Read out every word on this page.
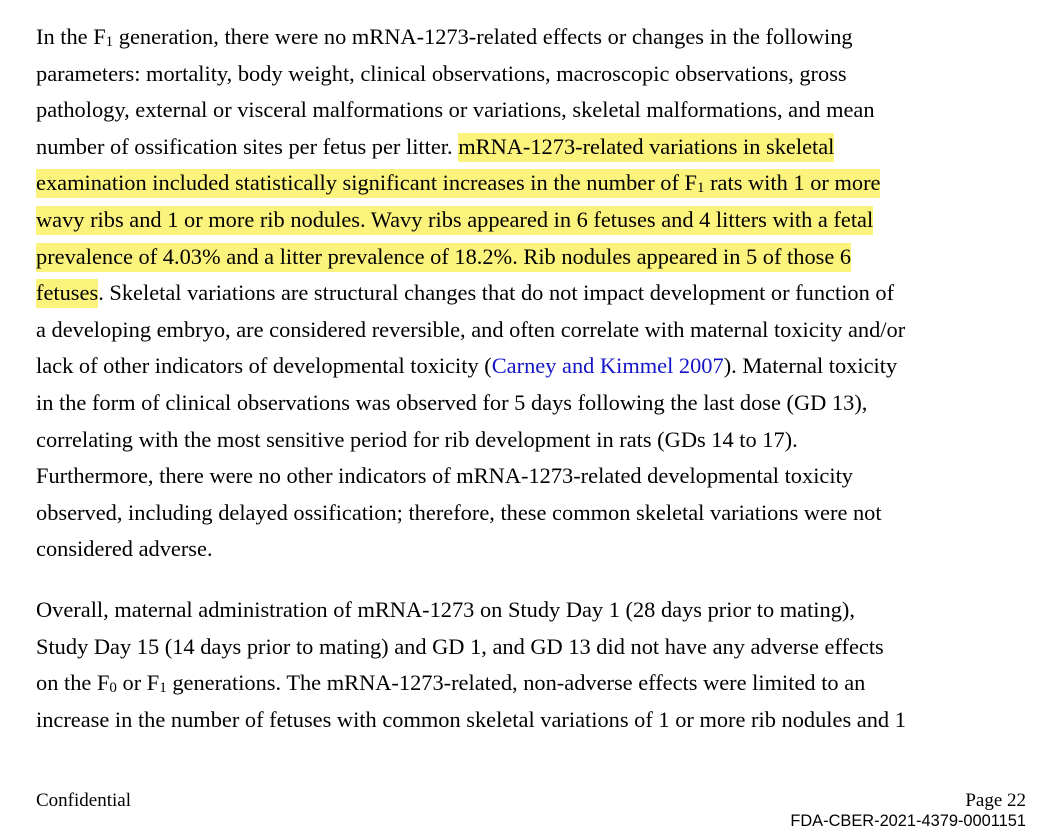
In the $F_1$ generation, there were no mRNA-1273-related effects or changes in the following
parameters: mortality, body weight, clinical observations, macroscopic observations, gross
pathology, external or visceral malformations or variations, skeletal malformations, and mean
number of ossification sites per fetus per litter. mRNA-1273-related variations in skeletal
examination included statistically significant increases in the number of $F_1$ rats with 1 or more
wavy ribs and 1 or more rib nodules. Wavy ribs appeared in 6 fetuses and 4 litters with a fetal
prevalence of 4.03% and a litter prevalence of 18.2%. Rib nodules appeared in 5 of those 6
fetuses. Skeletal variations are structural changes that do not impact development or function of
a developing embryo, are considered reversible, and often correlate with maternal toxicity and/or
lack of other indicators of developmental toxicity (Carney and Kimmel 2007). Maternal toxicity
in the form of clinical observations was observed for 5 days following the last dose (GD 13),
correlating with the most sensitive period for rib development in rats (GDs 14 to 17).
Furthermore, there were no other indicators of mRNA-1273-related developmental toxicity
observed, including delayed ossification; therefore, these common skeletal variations were not
considered adverse.
Overall, maternal administration of mRNA-1273 on Study Day 1 (28 days prior to mating),
Study Day 15 (14 days prior to mating) and GD 1, and GD 13 did not have any adverse effects
on the $F_0$ or $F_1$ generations. The mRNA-1273-related, non-adverse effects were limited to an
increase in the number of fetuses with common skeletal variations of 1 or more rib nodules and 1
Confidential	Page 22
FDA-CBER-2021-4379-0001151
